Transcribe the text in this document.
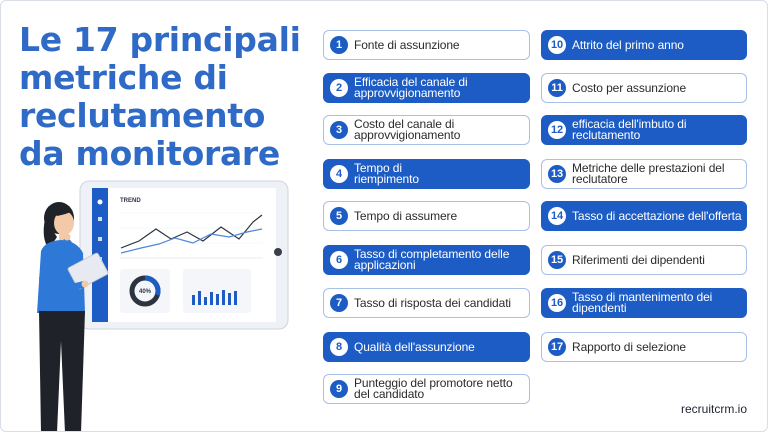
Le 17 principali metriche di reclutamento da monitorare
TREND
40%
1 Fonte di assunzione
2 Efficacia del canale di approvvigionamento
3 Costo del canale di approvvigionamento
4 Tempo di riempimento
5 Tempo di assumere
6 Tasso di completamento delle applicazioni
7 Tasso di risposta dei candidati
8 Qualità dell'assunzione
9 Punteggio del promotore netto del candidato
10 Attrito del primo anno
11 Costo per assunzione
12 efficacia dell'imbuto di reclutamento
13 Metriche delle prestazioni del reclutatore
14 Tasso di accettazione dell'offerta
15 Riferimenti dei dipendenti
16 Tasso di mantenimento dei dipendenti
17 Rapporto di selezione
recruitcrm.io
